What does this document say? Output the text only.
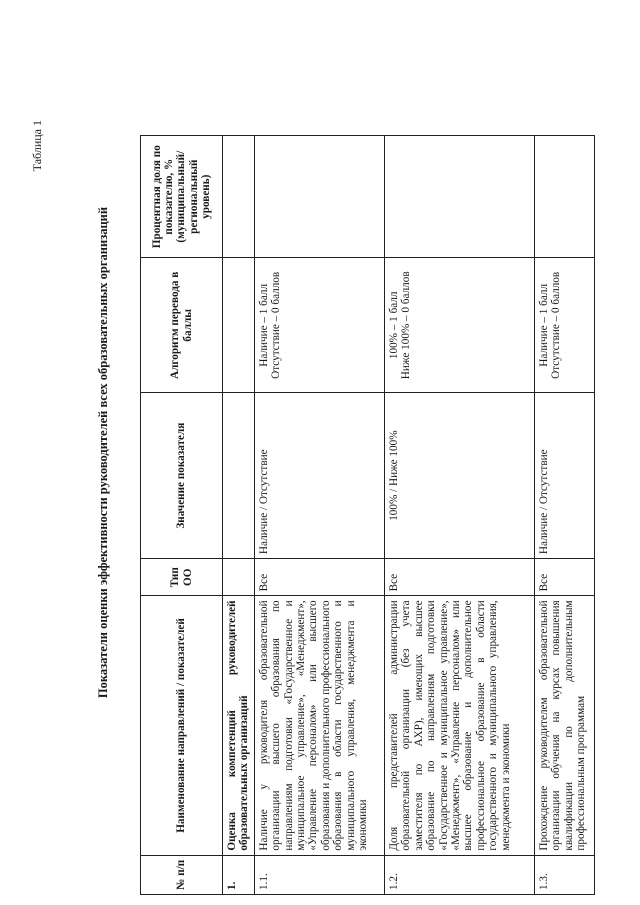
Таблица 1
Показатели оценки эффективности руководителей всех образовательных организаций
№ п/п	Наименование направлений / показателей	Тип ОО	Значение показателя	Алгоритм перевода в баллы	Процентная доля по показателю, % (муниципальный/ региональный уровень)
1.	Оценка компетенций руководителей образовательных организаций				
1.1.	Наличие у руководителя образовательной организации высшего образования по направлениям подготовки «Государственное и муниципальное управление», «Менеджмент», «Управление персоналом» или высшего образования и дополнительного профессионального образования в области государственного и муниципального управления, менеджмента и экономики	Все	Наличие / Отсутствие	Наличие – 1 балл Отсутствие – 0 баллов	

1.2.	Доля представителей администрации образовательной организации (без учета заместителя по АХР), имеющих высшее образование по направлениям подготовки «Государственное и муниципальное управление», «Менеджмент», «Управление персоналом» или высшее образование и дополнительное профессиональное образование в области государственного и муниципального управления, менеджмента и экономики	Все	100% / Ниже 100%	100% – 1 балл Ниже 100% – 0 баллов	

1.3.	Прохождение руководителем образовательной организации обучения на курсах повышения квалификации по дополнительным профессиональным программам	Все	Наличие / Отсутствие	Наличие – 1 балл Отсутствие – 0 баллов	
